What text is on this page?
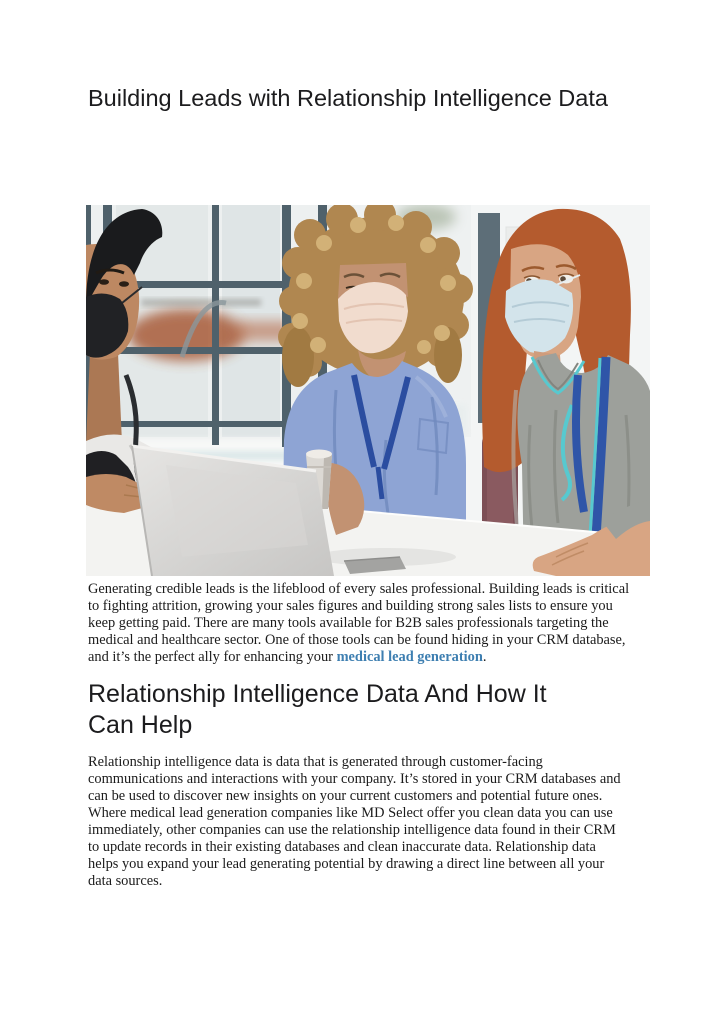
Building Leads with Relationship Intelligence Data
Generating credible leads is the lifeblood of every sales professional. Building leads is critical
to fighting attrition, growing your sales figures and building strong sales lists to ensure you
keep getting paid. There are many tools available for B2B sales professionals targeting the
medical and healthcare sector. One of those tools can be found hiding in your CRM database,
and it’s the perfect ally for enhancing your medical lead generation.
Relationship Intelligence Data And How It
Can Help
Relationship intelligence data is data that is generated through customer-facing
communications and interactions with your company. It’s stored in your CRM databases and
can be used to discover new insights on your current customers and potential future ones.
Where medical lead generation companies like MD Select offer you clean data you can use
immediately, other companies can use the relationship intelligence data found in their CRM
to update records in their existing databases and clean inaccurate data. Relationship data
helps you expand your lead generating potential by drawing a direct line between all your
data sources.
